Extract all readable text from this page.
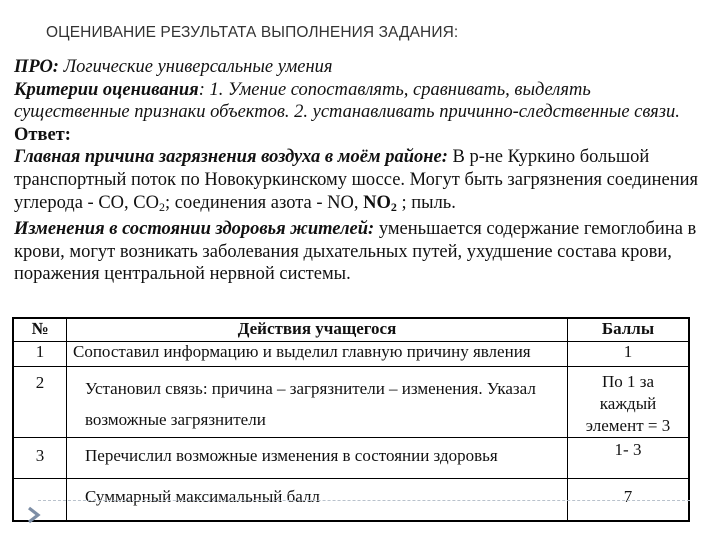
ОЦЕНИВАНИЕ РЕЗУЛЬТАТА ВЫПОЛНЕНИЯ ЗАДАНИЯ:

ПРО: Логические универсальные умения

Критерии оценивания: 1. Умение сопоставлять, сравнивать, выделять существенные признаки объектов. 2. устанавливать причинно-следственные связи.

Ответ:

Главная причина загрязнения воздуха в моём районе: В р-не Куркино большой транспортный поток по Новокуркинскому шоссе. Могут быть загрязнения соединения углерода - СО, $СО_2$; соединения азота - NO, $NO_2$ ; пыль.

Изменения в состоянии здоровья жителей: уменьшается содержание гемоглобина в крови, могут возникать заболевания дыхательных путей, ухудшение состава крови, поражения центральной нервной системы.

№	Действия учащегося	Баллы
1	Сопоставил информацию и выделил главную причину явления	1
2	Установил связь: причина – загрязнители – изменения. Указал возможные загрязнители	По 1 за каждый элемент = 3
3	Перечислил возможные изменения в состоянии здоровья	1- 3
	Суммарный максимальный балл	7
